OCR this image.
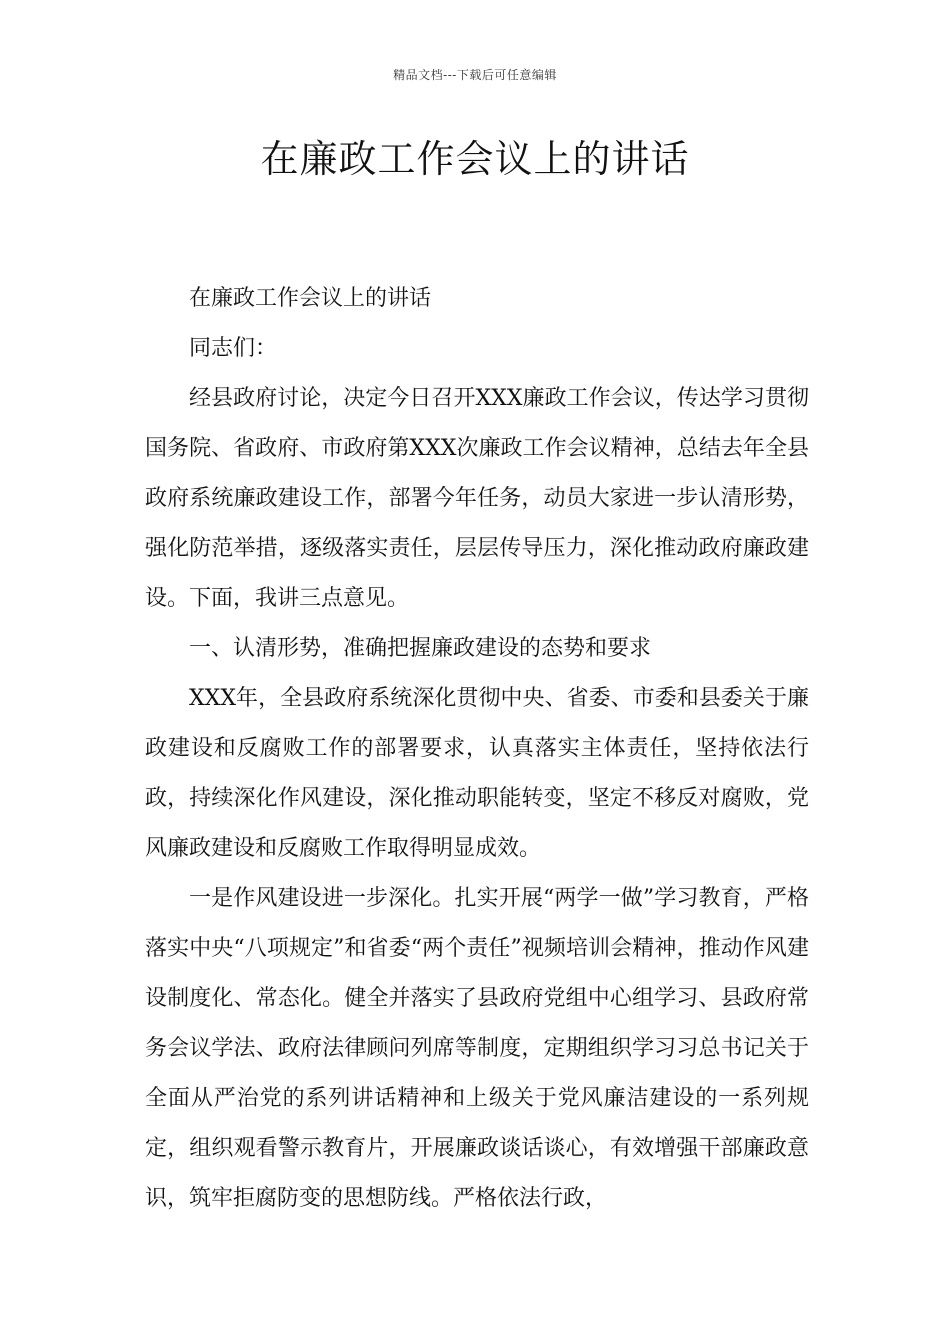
精品文档---下载后可任意编辑
在廉政工作会议上的讲话

在廉政工作会议上的讲话

同志们：

经县政府讨论，决定今日召开XXX廉政工作会议，传达学习贯彻国务院、省政府、市政府第XXX次廉政工作会议精神，总结去年全县政府系统廉政建设工作，部署今年任务，动员大家进一步认清形势，强化防范举措，逐级落实责任，层层传导压力，深化推动政府廉政建设。下面，我讲三点意见。

一、认清形势，准确把握廉政建设的态势和要求

XXX年，全县政府系统深化贯彻中央、省委、市委和县委关于廉政建设和反腐败工作的部署要求，认真落实主体责任，坚持依法行政，持续深化作风建设，深化推动职能转变，坚定不移反对腐败，党风廉政建设和反腐败工作取得明显成效。

一是作风建设进一步深化。扎实开展“两学一做”学习教育，严格落实中央“八项规定”和省委“两个责任”视频培训会精神，推动作风建设制度化、常态化。健全并落实了县政府党组中心组学习、县政府常务会议学法、政府法律顾问列席等制度，定期组织学习习总书记关于全面从严治党的系列讲话精神和上级关于党风廉洁建设的一系列规定，组织观看警示教育片，开展廉政谈话谈心，有效增强干部廉政意识，筑牢拒腐防变的思想防线。严格依法行政，
